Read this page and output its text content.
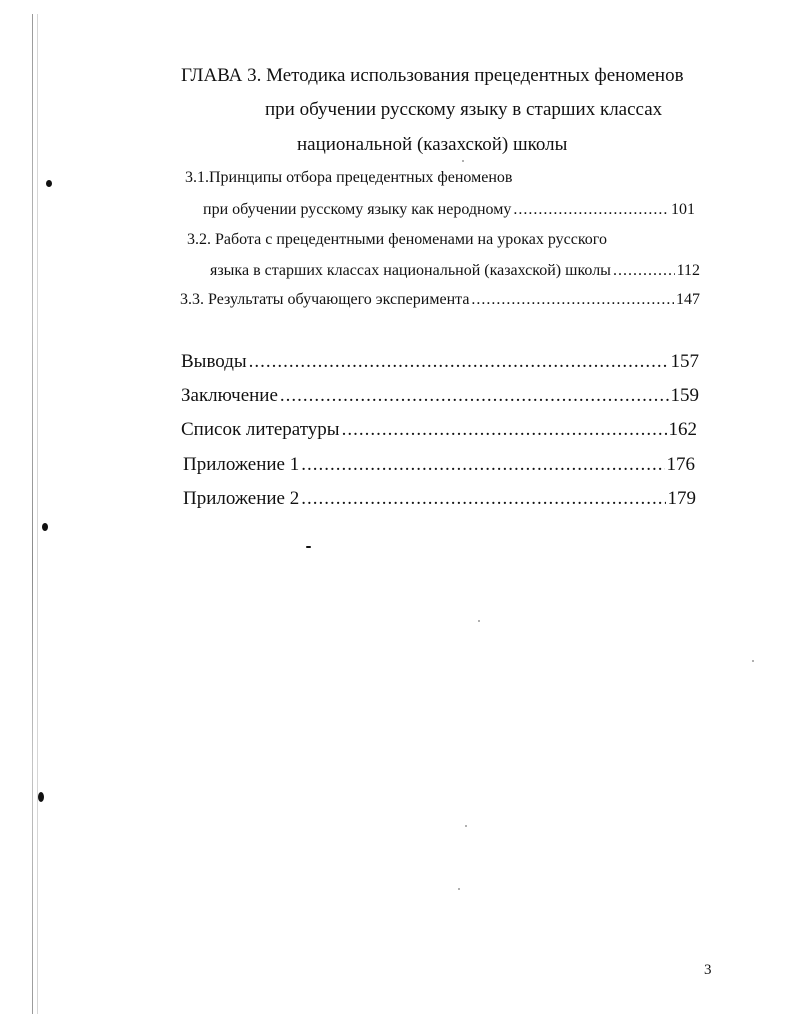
ГЛАВА 3. Методика использования прецедентных феноменов
при обучении русскому языку в старших классах
национальной (казахской) школы
3.1.Принципы отбора прецедентных феноменов
при обучении русскому языку как неродному .....	101
3.2. Работа с прецедентными феноменами на уроках русского
языка в старших классах национальной (казахской) школы .....	112
3.3. Результаты обучающего эксперимента .....	147
Выводы .....	157
Заключение .....	159
Список литературы .....	162
Приложение 1 .....	176
Приложение 2 .....	179
3
